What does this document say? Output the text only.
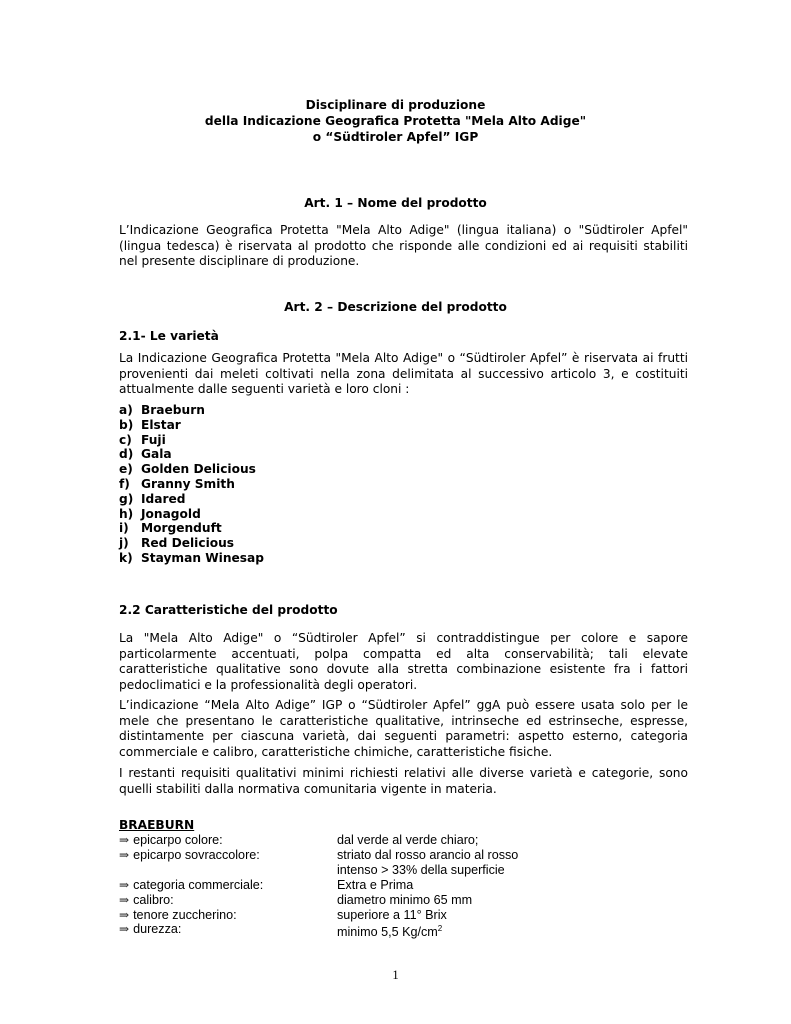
Disciplinare di produzione
della Indicazione Geografica Protetta "Mela Alto Adige"
o “Südtiroler Apfel” IGP
Art. 1 – Nome del prodotto
L’Indicazione Geografica Protetta "Mela Alto Adige" (lingua italiana) o "Südtiroler Apfel"
(lingua tedesca) è riservata al prodotto che risponde alle condizioni ed ai requisiti stabiliti
nel presente disciplinare di produzione.
Art. 2 – Descrizione del prodotto
2.1- Le varietà
La Indicazione Geografica Protetta "Mela Alto Adige" o “Südtiroler Apfel” è riservata ai frutti
provenienti dai meleti coltivati nella zona delimitata al successivo articolo 3, e costituiti
attualmente dalle seguenti varietà e loro cloni :
a) Braeburn
b) Elstar
c) Fuji
d) Gala
e) Golden Delicious
f) Granny Smith
g) Idared
h) Jonagold
i) Morgenduft
j) Red Delicious
k) Stayman Winesap
2.2 Caratteristiche del prodotto
La "Mela Alto Adige" o “Südtiroler Apfel” si contraddistingue per colore e sapore
particolarmente accentuati, polpa compatta ed alta conservabilità; tali elevate
caratteristiche qualitative sono dovute alla stretta combinazione esistente fra i fattori
pedoclimatici e la professionalità degli operatori.
L’indicazione “Mela Alto Adige” IGP o “Südtiroler Apfel” ggA può essere usata solo per le
mele che presentano le caratteristiche qualitative, intrinseche ed estrinseche, espresse,
distintamente per ciascuna varietà, dai seguenti parametri: aspetto esterno, categoria
commerciale e calibro, caratteristiche chimiche, caratteristiche fisiche.
I restanti requisiti qualitativi minimi richiesti relativi alle diverse varietà e categorie, sono
quelli stabiliti dalla normativa comunitaria vigente in materia.
BRAEBURN
⇒ epicarpo colore:	dal verde al verde chiaro;
⇒ epicarpo sovraccolore:	striato dal rosso arancio al rosso
intenso > 33% della superficie
⇒ categoria commerciale:	Extra e Prima
⇒ calibro:	diametro minimo 65 mm
⇒ tenore zuccherino:	superiore a 11° Brix
⇒ durezza:	minimo 5,5 $Kg/cm^2$
1
